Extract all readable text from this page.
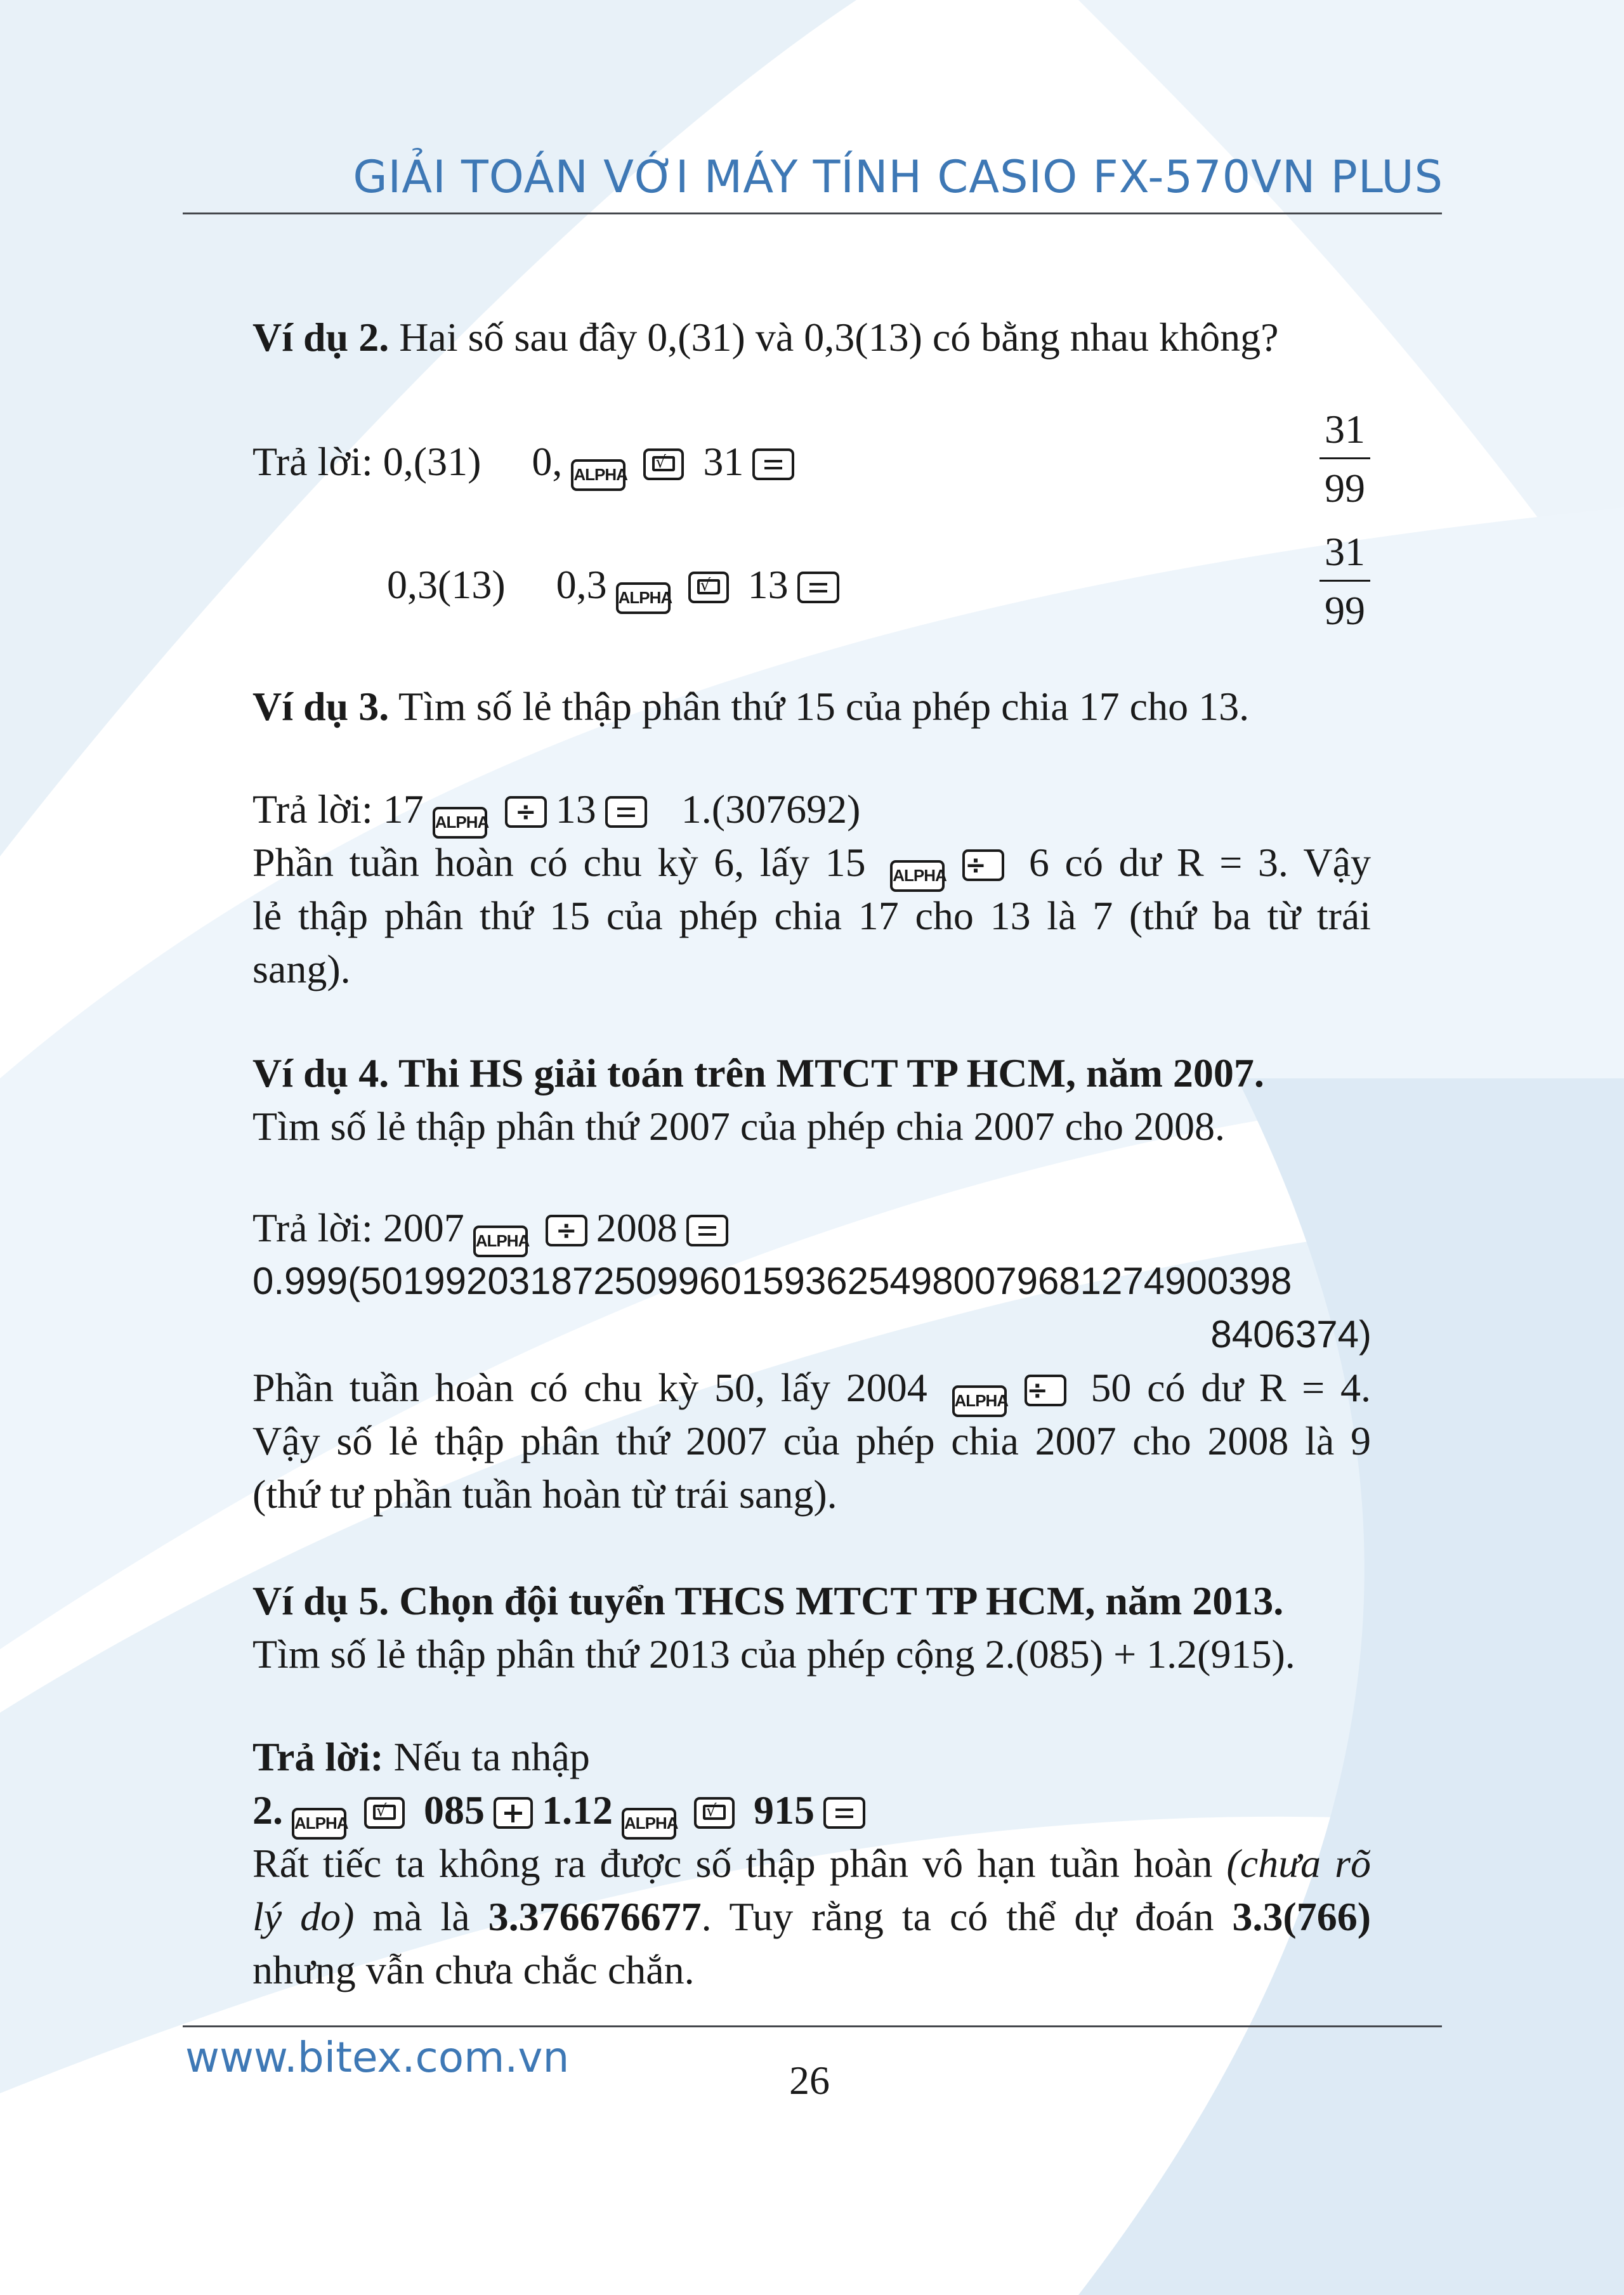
GIẢI TOÁN VỚI MÁY TÍNH CASIO FX-570VN PLUS
Ví dụ 2. Hai số sau đây 0,(31) và 0,3(13) có bằng nhau không?
Trả lời: 0,(31) 0, ALPHA
√ 31
31
99
0,3(13) 0,3 ALPHA
√ 13
31
99
Ví dụ 3. Tìm số lẻ thập phân thứ 15 của phép chia 17 cho 13.
Trả lời: 17 ALPHA	÷ 13 1.(307692)
Phần tuần hoàn có chu kỳ 6, lấy 15 ALPHA ÷	6 có dư R = 3. Vậy
lẻ thập phân thứ 15 của phép chia 17 cho 13 là 7 (thứ ba từ trái
sang).
Ví dụ 4. Thi HS giải toán trên MTCT TP HCM, năm 2007.
Tìm số lẻ thập phân thứ 2007 của phép chia 2007 cho 2008.
Trả lời: 2007 ALPHA	÷ 2008
0.999(50199203187250996015936254980079681274900398
8406374)
Phần tuần hoàn có chu kỳ 50, lấy 2004 ALPHA ÷	50 có dư R = 4.
Vậy số lẻ thập phân thứ 2007 của phép chia 2007 cho 2008 là 9
(thứ tư phần tuần hoàn từ trái sang).
Ví dụ 5. Chọn đội tuyển THCS MTCT TP HCM, năm 2013.
Tìm số lẻ thập phân thứ 2013 của phép cộng 2.(085) + 1.2(915).
Trả lời: Nếu ta nhập
2. ALPHA
√ 085 1.12 ALPHA
√ 915
Rất tiếc ta không ra được số thập phân vô hạn tuần hoàn (chưa rõ
lý do) mà là 3.376676677. Tuy rằng ta có thể dự đoán 3.3(766)
nhưng vẫn chưa chắc chắn.
www.bitex.com.vn	26
